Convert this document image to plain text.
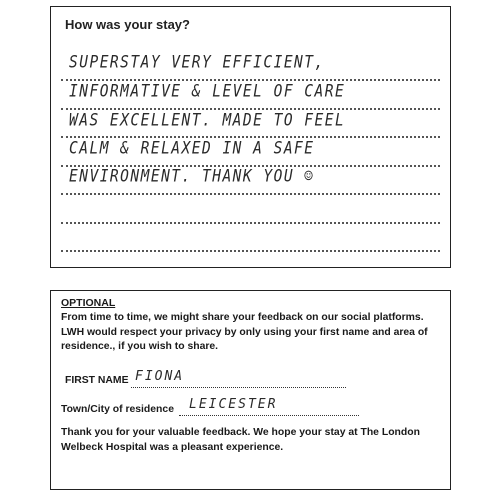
How was your stay?
SUPERSTAY VERY EFFICIENT,
INFORMATIVE & LEVEL OF CARE
WAS EXCELLENT. MADE TO FEEL
CALM & RELAXED IN A SAFE
ENVIRONMENT. THANK YOU ☺
OPTIONAL
From time to time, we might share your feedback on our social platforms. LWH would respect your privacy by only using your first name and area of residence., if you wish to share.
FIRST NAME FIONA
Town/City of residence LEICESTER
Thank you for your valuable feedback. We hope your stay at The London Welbeck Hospital was a pleasant experience.
